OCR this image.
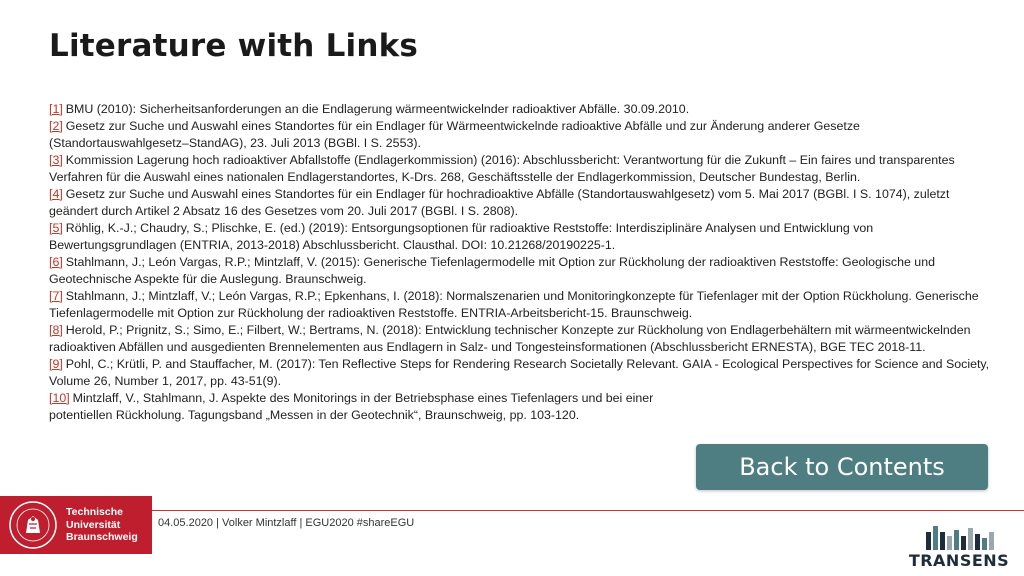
Literature with Links
[1] BMU (2010): Sicherheitsanforderungen an die Endlagerung wärmeentwickelnder radioaktiver Abfälle. 30.09.2010.
[2] Gesetz zur Suche und Auswahl eines Standortes für ein Endlager für Wärmeentwickelnde radioaktive Abfälle und zur Änderung anderer Gesetze (Standortauswahlgesetz–StandAG), 23. Juli 2013 (BGBl. I S. 2553).
[3] Kommission Lagerung hoch radioaktiver Abfallstoffe (Endlagerkommission) (2016): Abschlussbericht: Verantwortung für die Zukunft – Ein faires und transparentes Verfahren für die Auswahl eines nationalen Endlagerstandortes, K-Drs. 268, Geschäftsstelle der Endlagerkommission, Deutscher Bundestag, Berlin.
[4] Gesetz zur Suche und Auswahl eines Standortes für ein Endlager für hochradioaktive Abfälle (Standortauswahlgesetz) vom 5. Mai 2017 (BGBl. I S. 1074), zuletzt geändert durch Artikel 2 Absatz 16 des Gesetzes vom 20. Juli 2017 (BGBl. I S. 2808).
[5] Röhlig, K.-J.; Chaudry, S.; Plischke, E. (ed.) (2019): Entsorgungsoptionen für radioaktive Reststoffe: Interdisziplinäre Analysen und Entwicklung von Bewertungsgrundlagen (ENTRIA, 2013-2018) Abschlussbericht. Clausthal. DOI: 10.21268/20190225-1.
[6] Stahlmann, J.; León Vargas, R.P.; Mintzlaff, V. (2015): Generische Tiefenlagermodelle mit Option zur Rückholung der radioaktiven Reststoffe: Geologische und Geotechnische Aspekte für die Auslegung. Braunschweig.
[7] Stahlmann, J.; Mintzlaff, V.; León Vargas, R.P.; Epkenhans, I. (2018): Normalszenarien und Monitoringkonzepte für Tiefenlager mit der Option Rückholung. Generische Tiefenlagermodelle mit Option zur Rückholung der radioaktiven Reststoffe. ENTRIA-Arbeitsbericht-15. Braunschweig.
[8] Herold, P.; Prignitz, S.; Simo, E.; Filbert, W.; Bertrams, N. (2018): Entwicklung technischer Konzepte zur Rückholung von Endlagerbehältern mit wärmeentwickelnden radioaktiven Abfällen und ausgedienten Brennelementen aus Endlagern in Salz- und Tongesteinsformationen (Abschlussbericht ERNESTA), BGE TEC 2018-11.
[9] Pohl, C.; Krütli, P. and Stauffacher, M. (2017): Ten Reflective Steps for Rendering Research Societally Relevant. GAIA - Ecological Perspectives for Science and Society, Volume 26, Number 1, 2017, pp. 43-51(9).
[10] Mintzlaff, V., Stahlmann, J. Aspekte des Monitorings in der Betriebsphase eines Tiefenlagers und bei einer potentiellen Rückholung. Tagungsband „Messen in der Geotechnik“, Braunschweig, pp. 103-120.
Back to Contents
Technische
Universität
Braunschweig
04.05.2020 | Volker Mintzlaff | EGU2020 #shareEGU
TRANSENS
